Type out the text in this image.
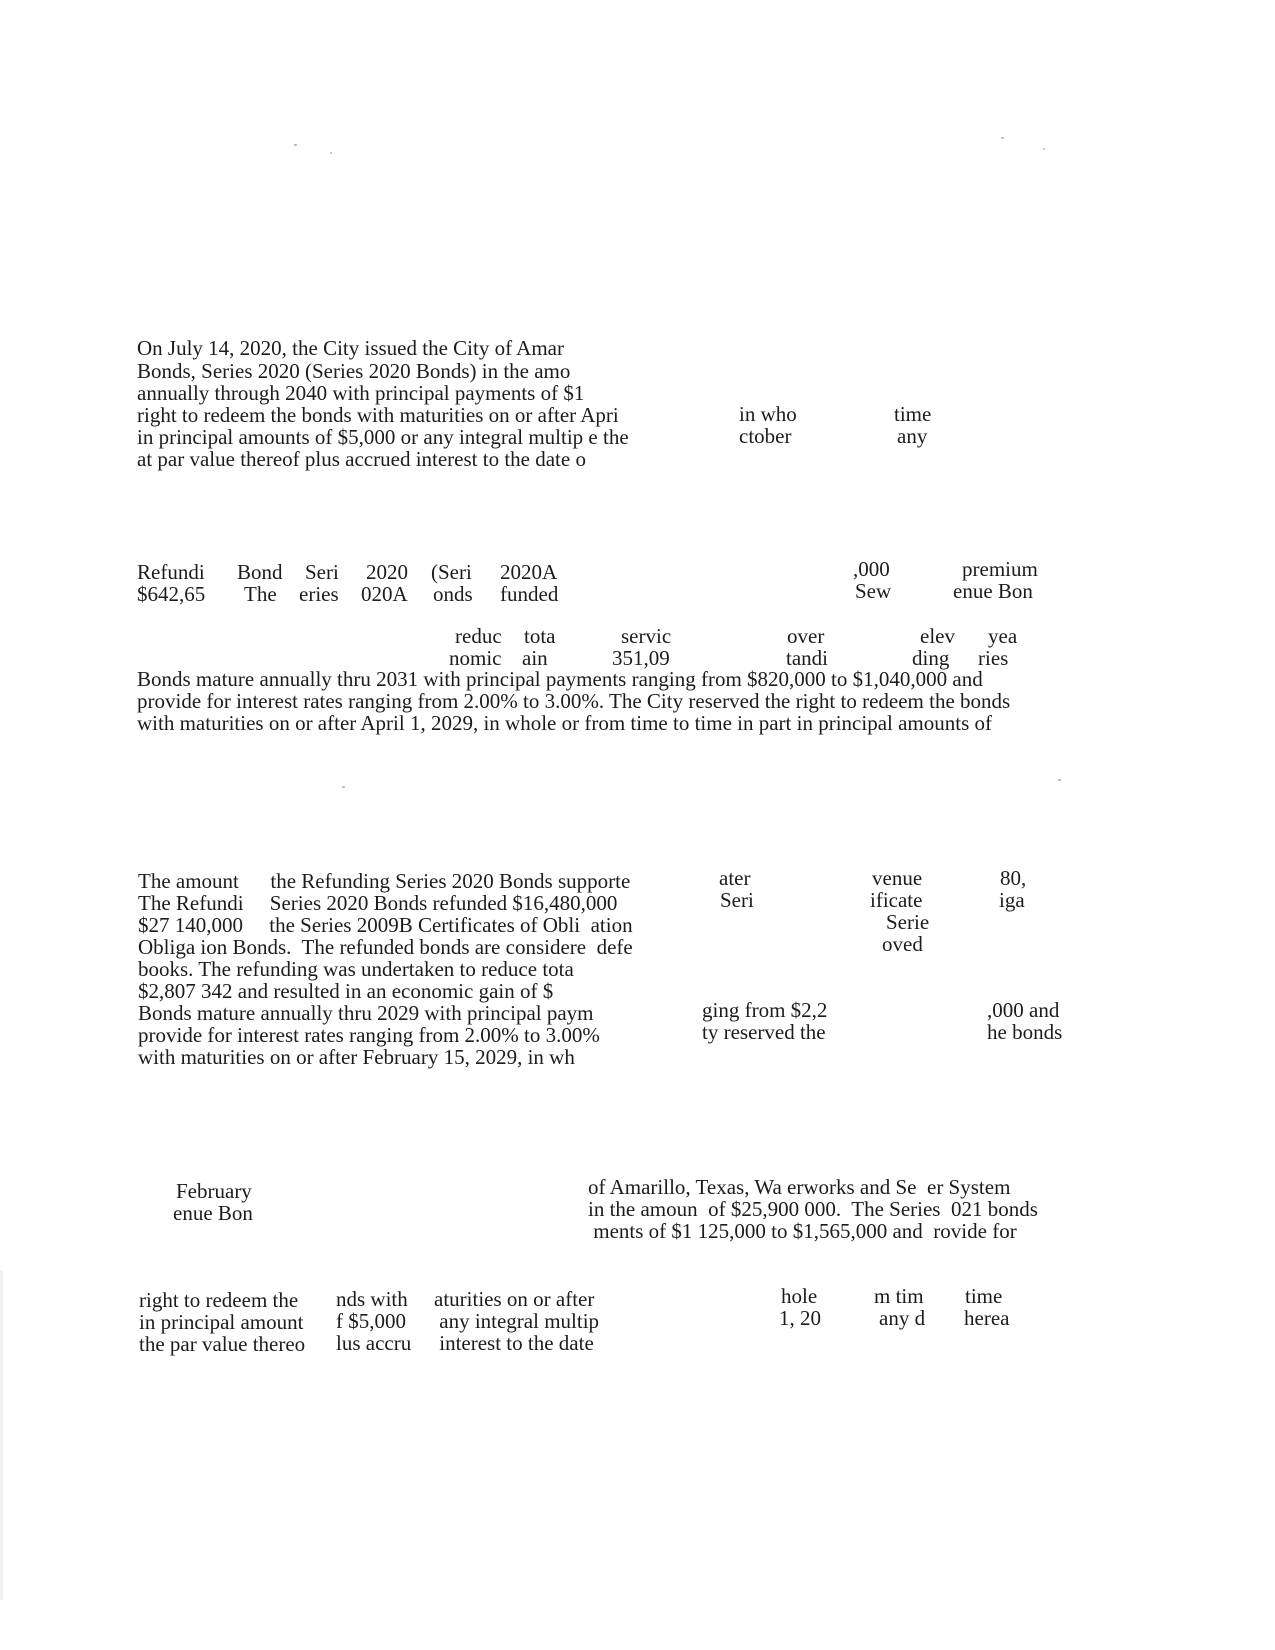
On July 14, 2020, the City issued the City of Amar

Bonds, Series 2020 (Series 2020 Bonds) in the amo

annually through 2040 with principal payments of $1

right to redeem the bonds with maturities on or after Apri

in principal amounts of $5,000 or any integral multip e the

at par value thereof plus accrued interest to the date o

in who	time

ctober	any

Refundi Bond Seri 2020 (Seri 2020A	,000	premium

$642,65 The eries 020A onds funded	Sew	enue Bon

reduc tota	servic	over	elev yea

nomic ain	351,09	tandi	ding ries

Bonds mature annually thru 2031 with principal payments ranging from $820,000 to $1,040,000 and

provide for interest rates ranging from 2.00% to 3.00%. The City reserved the right to redeem the bonds

with maturities on or after April 1, 2029, in whole or from time to time in part in principal amounts of

The amount      the Refunding Series 2020 Bonds supporte

The Refundi     Series 2020 Bonds refunded $16,480,000

$27 140,000     the Series 2009B Certificates of Obli  ation

Obliga ion Bonds.  The refunded bonds are considere  defe

books. The refunding was undertaken to reduce tota

$2,807 342 and resulted in an economic gain of $

Bonds mature annually thru 2029 with principal paym

provide for interest rates ranging from 2.00% to 3.00%

with maturities on or after February 15, 2029, in wh

ater	venue	80,

Seri	ificate	iga

Serie

oved

ging from $2,2	,000 and

ty reserved the	he bonds

February

enue Bon

of Amarillo, Texas, Wa erworks and Se  er System

in the amoun  of $25,900 000.  The Series  021 bonds

ments of $1 125,000 to $1,565,000 and  rovide for

right to redeem the

in principal amount

the par value thereo

nds with

f $5,000

lus accru

aturities on or after

any integral multip

interest to the date

hole	m tim time

1, 20	any d herea
